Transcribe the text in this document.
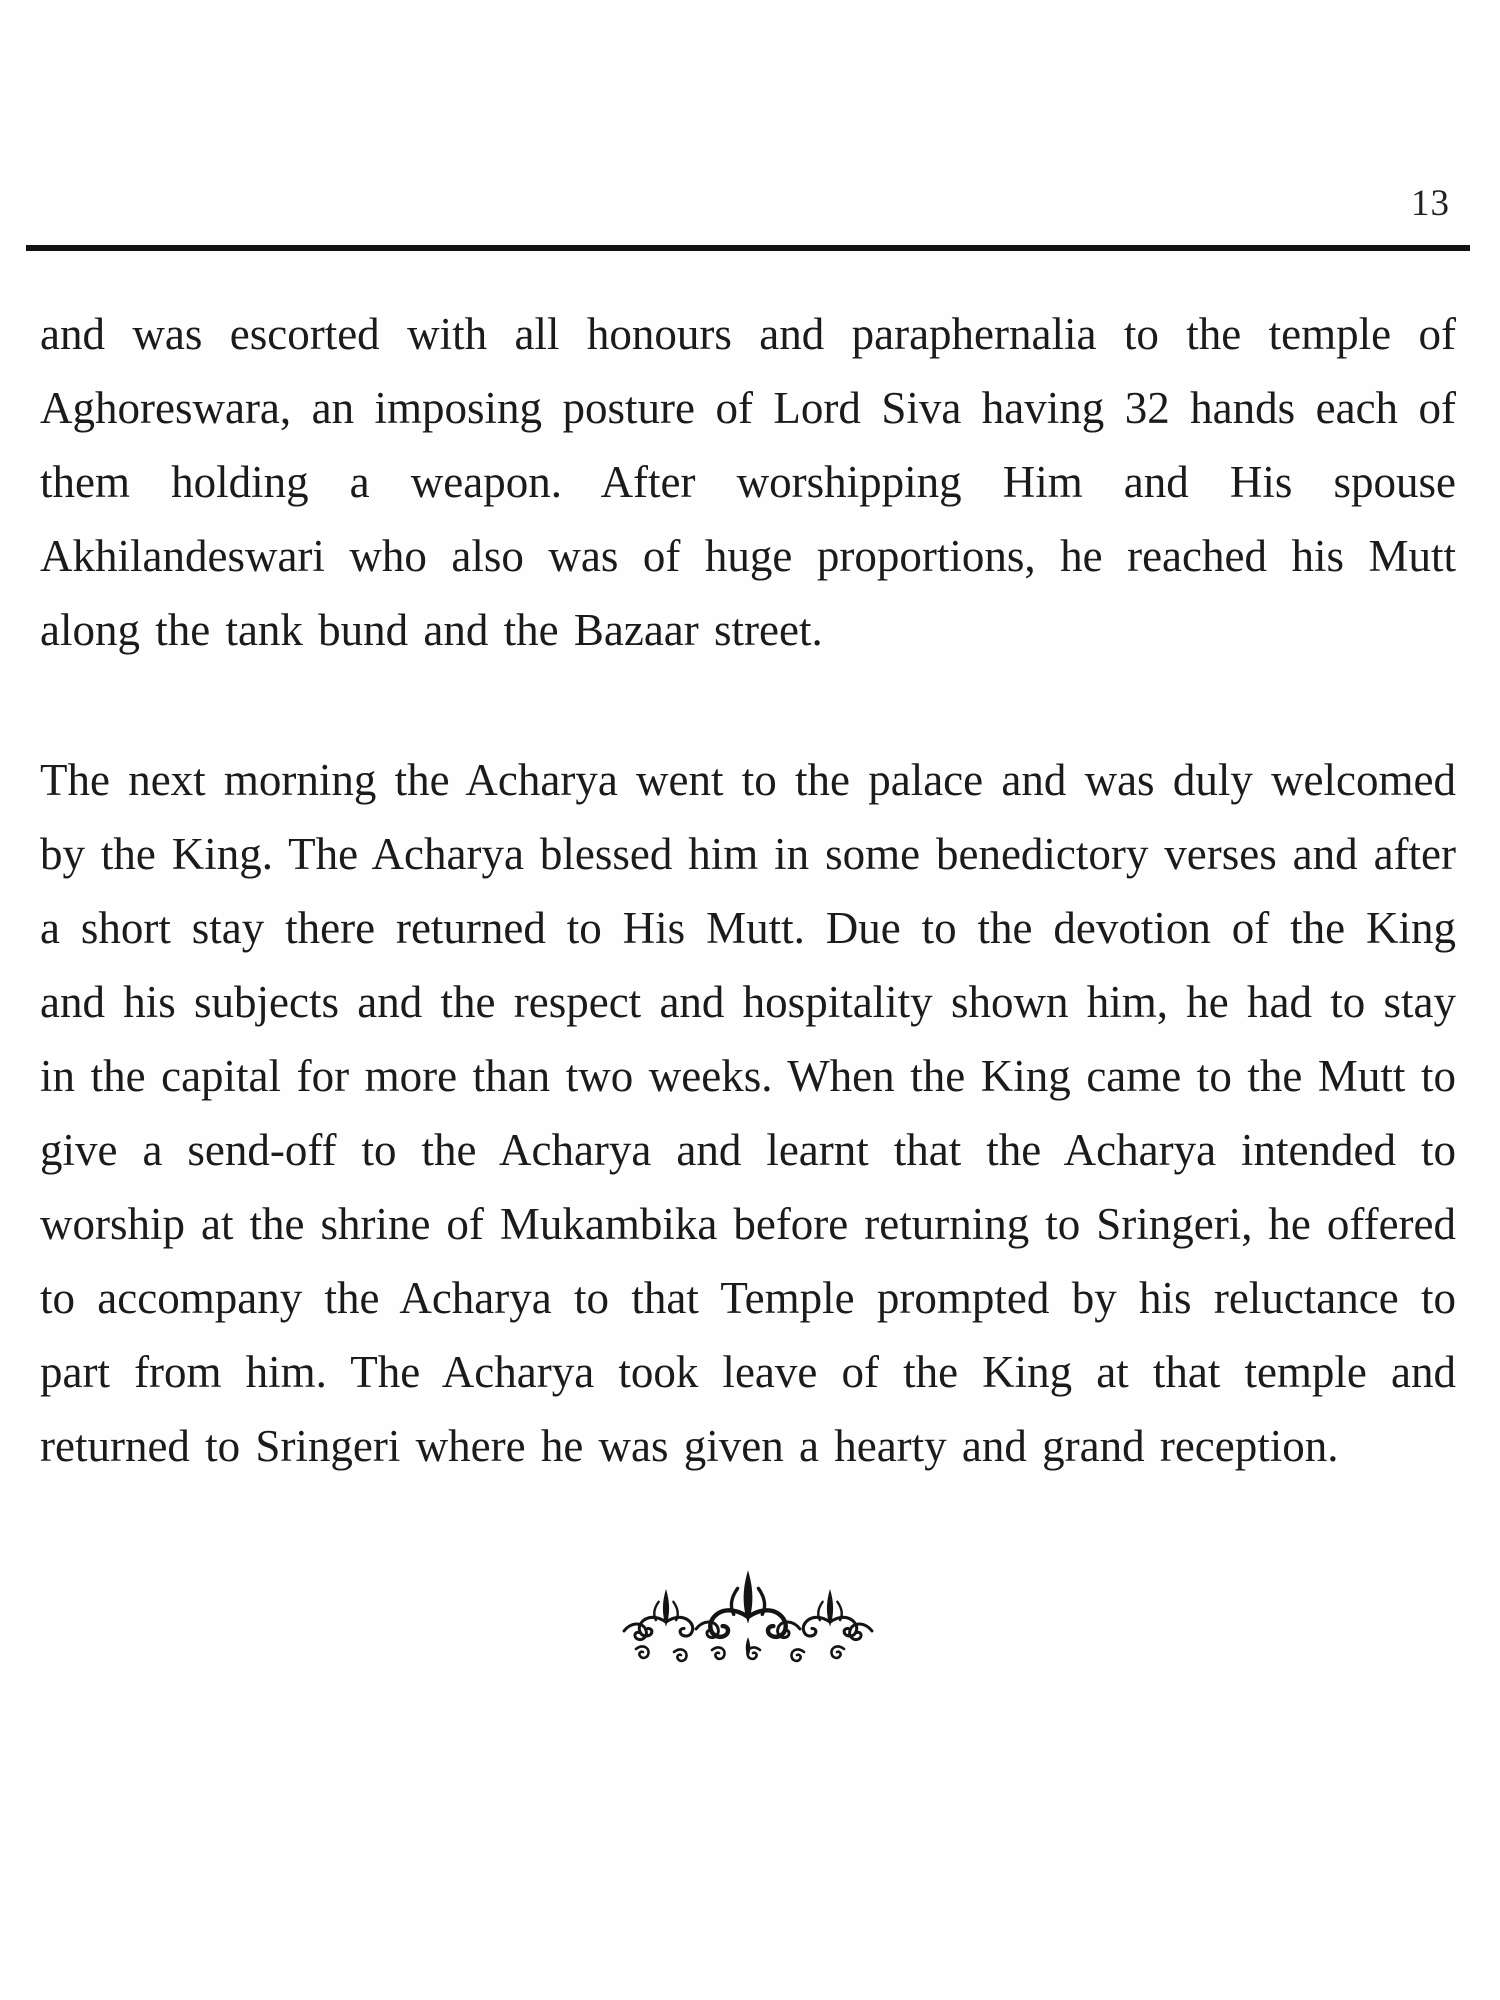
13

and was escorted with all honours and paraphernalia to the temple of Aghoreswara, an imposing posture of Lord Siva having 32 hands each of them holding a weapon. After worshipping Him and His spouse Akhilandeswari who also was of huge proportions, he reached his Mutt along the tank bund and the Bazaar street.

The next morning the Acharya went to the palace and was duly welcomed by the King. The Acharya blessed him in some benedictory verses and after a short stay there returned to His Mutt. Due to the devotion of the King and his subjects and the respect and hospitality shown him, he had to stay in the capital for more than two weeks. When the King came to the Mutt to give a send-off to the Acharya and learnt that the Acharya intended to worship at the shrine of Mukambika before returning to Sringeri, he offered to accompany the Acharya to that Temple prompted by his reluctance to part from him. The Acharya took leave of the King at that temple and returned to Sringeri where he was given a hearty and grand reception.
